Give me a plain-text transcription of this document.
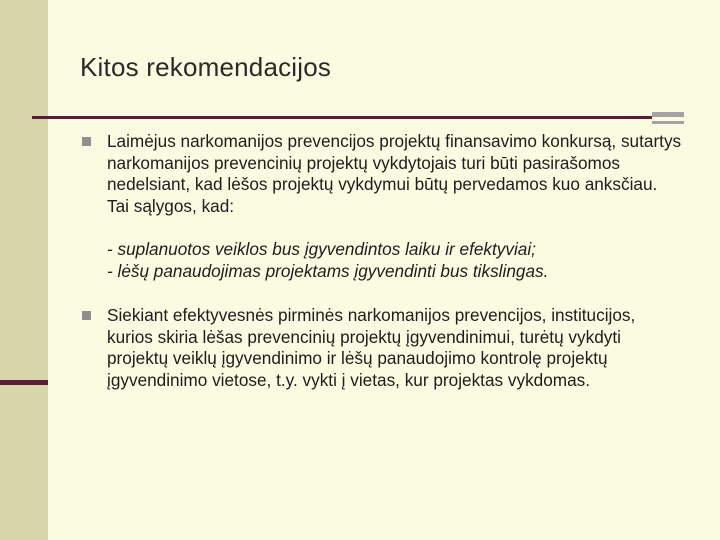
Kitos rekomendacijos
Laimėjus narkomanijos prevencijos projektų finansavimo konkursą, sutartys narkomanijos prevencinių projektų vykdytojais turi būti pasirašomos nedelsiant, kad lėšos projektų vykdymui būtų pervedamos kuo anksčiau. Tai sąlygos, kad:
- suplanuotos veiklos bus įgyvendintos laiku ir efektyviai;
- lėšų panaudojimas projektams įgyvendinti bus tikslingas.
Siekiant efektyvesnės pirminės narkomanijos prevencijos, institucijos, kurios skiria lėšas prevencinių projektų įgyvendinimui, turėtų vykdyti projektų veiklų įgyvendinimo ir lėšų panaudojimo kontrolę projektų įgyvendinimo vietose, t.y. vykti į vietas, kur projektas vykdomas.
